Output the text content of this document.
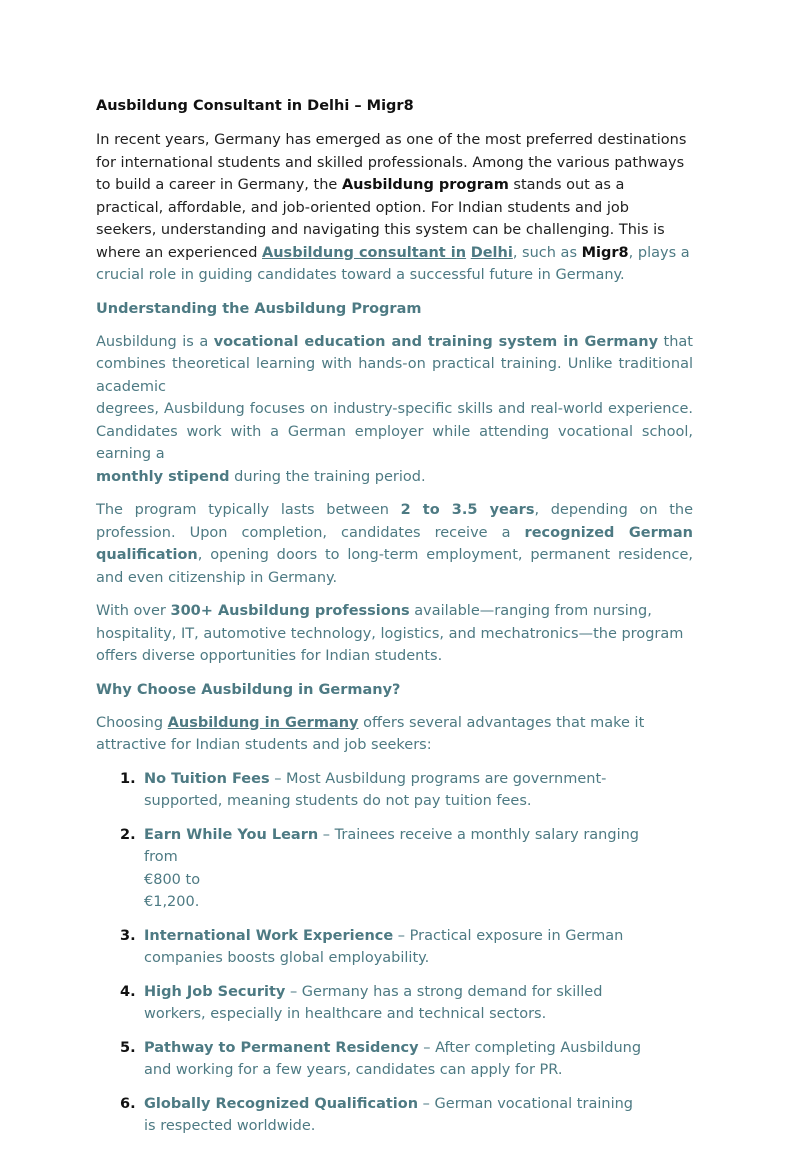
Ausbildung Consultant in Delhi – Migr8

In recent years, Germany has emerged as one of the most preferred destinations for international students and skilled professionals. Among the various pathways to build a career in Germany, the Ausbildung program stands out as a practical, affordable, and job-oriented option. For Indian students and job seekers, understanding and navigating this system can be challenging. This is where an experienced Ausbildung consultant in Delhi, such as Migr8, plays a crucial role in guiding candidates toward a successful future in Germany.

Understanding the Ausbildung Program

Ausbildung is a vocational education and training system in Germany that combines theoretical learning with hands-on practical training. Unlike traditional academic
degrees, Ausbildung focuses on industry-specific skills and real-world experience. Candidates work with a German employer while attending vocational school, earning a
monthly stipend during the training period.

The program typically lasts between 2 to 3.5 years, depending on the profession. Upon completion, candidates receive a recognized German qualification, opening doors to long-term employment, permanent residence, and even citizenship in Germany.

With over 300+ Ausbildung professions available—ranging from nursing, hospitality, IT, automotive technology, logistics, and mechatronics—the program offers diverse opportunities for Indian students.

Why Choose Ausbildung in Germany?

Choosing Ausbildung in Germany offers several advantages that make it attractive for Indian students and job seekers:

1. No Tuition Fees – Most Ausbildung programs are government-supported, meaning students do not pay tuition fees.
2. Earn While You Learn – Trainees receive a monthly salary ranging from
€800 to
€1,200.
3. International Work Experience – Practical exposure in German companies boosts global employability.
4. High Job Security – Germany has a strong demand for skilled workers, especially in healthcare and technical sectors.
5. Pathway to Permanent Residency – After completing Ausbildung and working for a few years, candidates can apply for PR.
6. Globally Recognized Qualification – German vocational training is respected worldwide.
